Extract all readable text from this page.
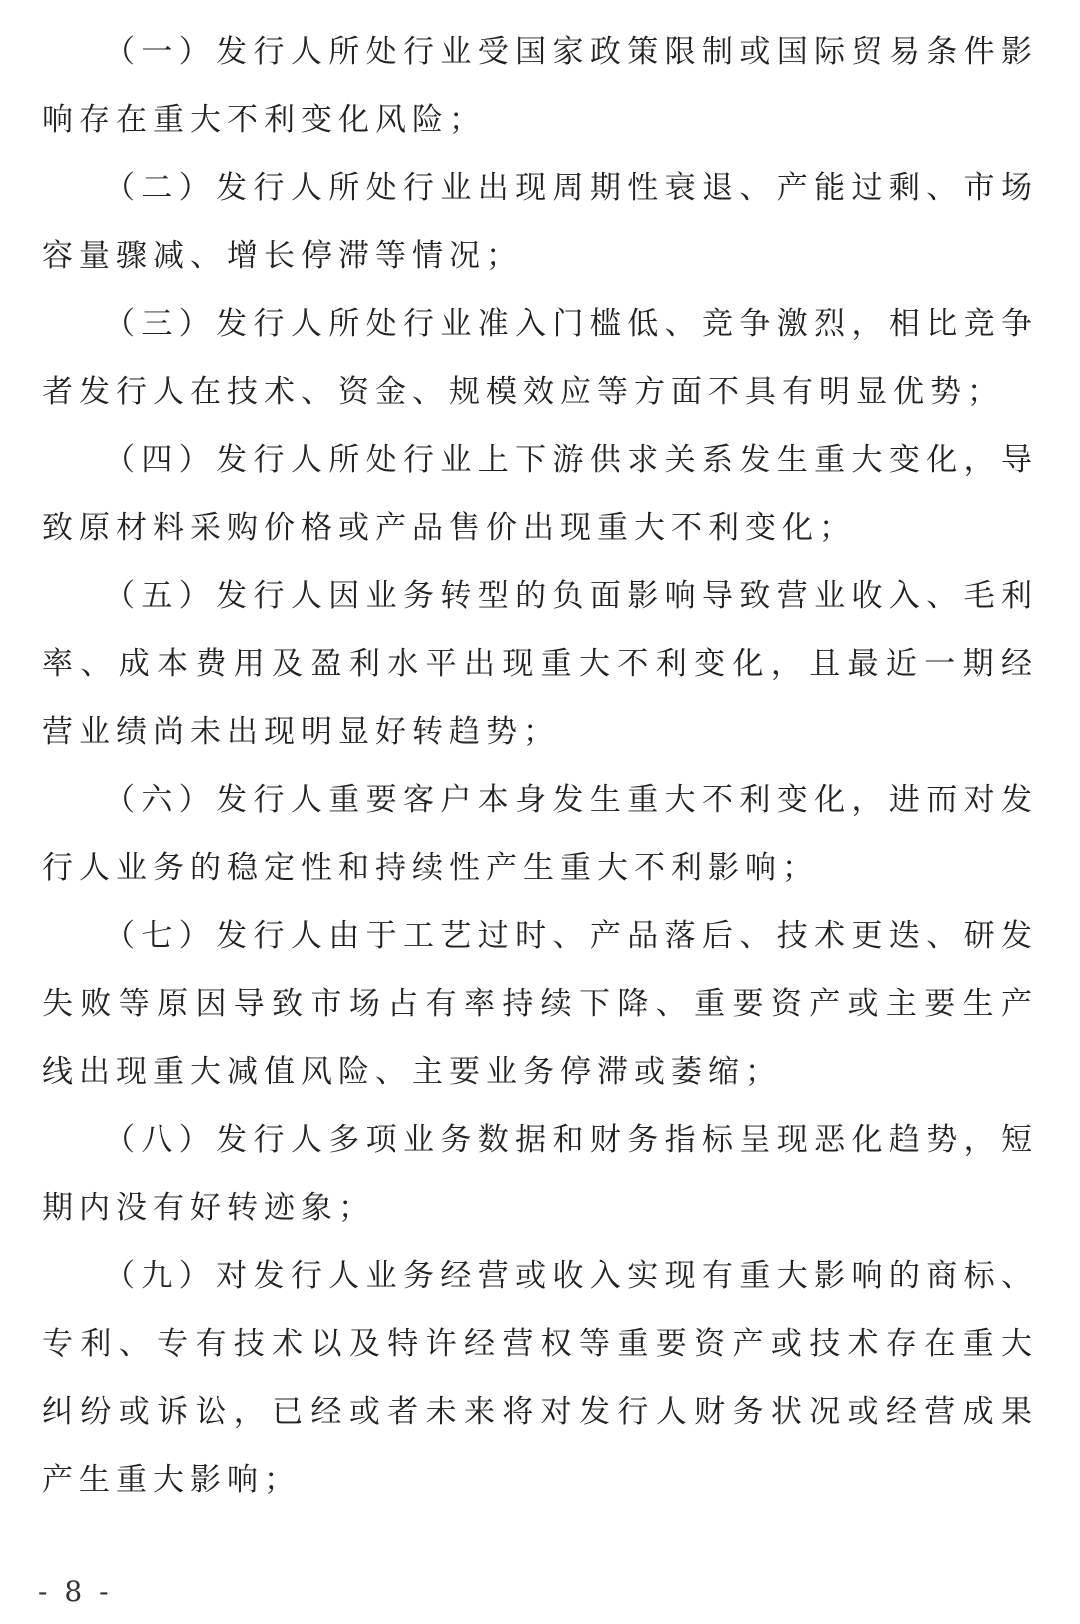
（一）发行人所处行业受国家政策限制或国际贸易条件影响存在重大不利变化风险；

（二）发行人所处行业出现周期性衰退、产能过剩、市场容量骤减、增长停滞等情况；

（三）发行人所处行业准入门槛低、竞争激烈，相比竞争者发行人在技术、资金、规模效应等方面不具有明显优势；

（四）发行人所处行业上下游供求关系发生重大变化，导致原材料采购价格或产品售价出现重大不利变化；

（五）发行人因业务转型的负面影响导致营业收入、毛利率、成本费用及盈利水平出现重大不利变化，且最近一期经营业绩尚未出现明显好转趋势；

（六）发行人重要客户本身发生重大不利变化，进而对发行人业务的稳定性和持续性产生重大不利影响；

（七）发行人由于工艺过时、产品落后、技术更迭、研发失败等原因导致市场占有率持续下降、重要资产或主要生产线出现重大减值风险、主要业务停滞或萎缩；

（八）发行人多项业务数据和财务指标呈现恶化趋势，短期内没有好转迹象；

（九）对发行人业务经营或收入实现有重大影响的商标、专利、专有技术以及特许经营权等重要资产或技术存在重大纠纷或诉讼，已经或者未来将对发行人财务状况或经营成果产生重大影响；

- 8 -
